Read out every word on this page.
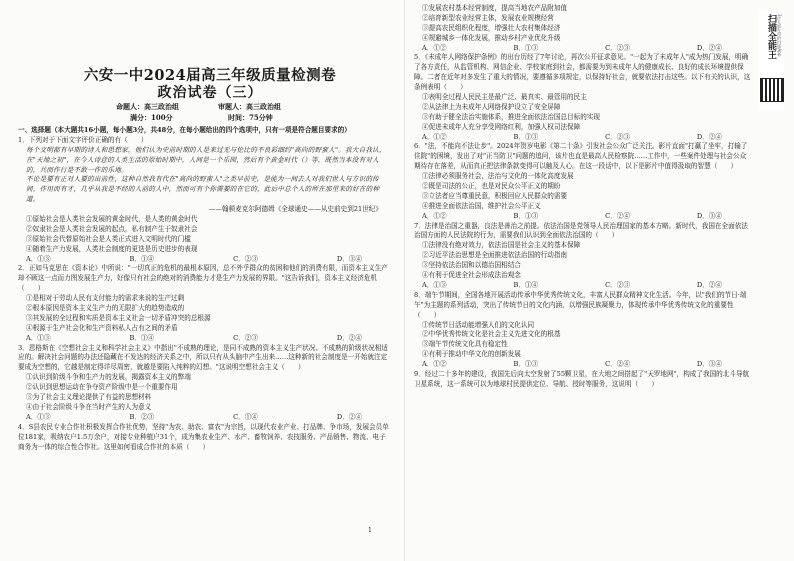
六安一中2024届高三年级质量检测卷
政治试卷（三）
命题人：高三政治组	审题人：高三政治组
满分：100分	时间：75分钟

一、选择题（本大题共16小题，每小题3分，共48分，在每小题给出的四个选项中，只有一项是符合题目要求的）

1．下列对于下面文字评价正确的有（　　）

每个文明都有早期的诗人和思想家，他们认为史前时期的人是来过无与伦比的不良彩细约"高尚的野蛮人"。我大自我认，在"天地之初"，在今人诗意的人类生活的原始时期中，人间是一个乐园，然后有个黄金时代（）等，既然当本没有对人的，共而作行是不敢一作的乐地。

不论是要有正对人要的出前性，这种自然我有代在"高尚的野蛮人"之类早前史，是能为一间去人对我们世人与方识的传间。作用而有才，几乎从我是不经的人前的人中，然而可有个你需要的在它的，此后中总个人的所在那里来的好在的种道。

——翰顿麦克尔阿德姆《全球通史——从史前史到21世纪》

①原始社会是人类社会发展的黄金时代，是人类的黄金时代

②奴隶社会是人类社会发展的起点，私有制产生于奴隶社会

③原始社会代替原始社会是人类正式进入文明时代的门槛

④随着生产力发展，人类社会制度的更迭是历史进步的表现

A．①③	B．①④	C．②③	D．③④

2．正如马克思在《资本论》中所说："一切真正的危机的最根本原因，总不外乎群众的贫困和他们的消费有限，而资本主义生产却不顾这一点而力图发展生产力，好像只有社会的绝对的消费能力才是生产力发展的界限。"这告诉我们，资本主义经济危机（　　）

①是相对于劳动人民有支付能力的需求来说的生产过剩

②根本原因是资本主义生产力的无限扩大的趋势造成的

③其发展的全过程和实质是资本主义社会一切矛盾冲突的总根源

④根源于生产社会化和生产资料私人占有之间的矛盾

A．①③	B．①④	C．②③	D．②④

3．恩格斯在《空想社会主义和科学社会主义》中指出"不成熟的理论，是同不成熟的资本主义生产状况、不成熟的阶级状况相适应的。解决社会问题的办法还隐藏在不发达的经济关系之中，所以只有从头脑中产生出来……这种新的社会制度是一开始就注定要成为空想的，它越是制定得详尽周密，就越是要陷入纯粹的幻想。"这说明空想社会主义（　　）

①认识到阶级斗争和生产力的发展，揭露资本主义的弊端

②认识到思想运动在争夺资产阶级中是一个重要作用

③为了社会主义理论提供了有益的思想材料

④由于社会阶级斗争在当时产生的人为意义

A．①③	B．②③	C．①④	D．②④

4．S县农民专业合作社积极发挥合作社优势，坚持"为农、助农、富农"为宗旨，以现代农业产业、打品牌、争市场，发展会员单位181家，吸纳农户1.5万余户，对接专业种植户31个，成为集农业生产、水产、畜牧饲养、农技服务、产品销售、物流、电子商务为一体的综合性合作社。这里如何看成合作社的本质（　　）

①发展农村基本经营制度，提高当地农产品附加值

②培育新型农业经营主体，发展农业规模经营

③提高农民组织化程度，增强壮大农村集体经济

④规避城乡一体化发展，推动乡村产业优化升级

A．①②	B．①③	C．②③	D．②④

5．《未成年人网络保护条例》的出台历经了7年讨论，再次公开征求意见。"一起为了未成年人"成为热门发展，明确了各方责任，从监管机构、网信企业、学校家庭到社会，都需要为到未成年人的健康成长、良好的成长环境提供保障。二者在近年对多发生了重大的情况，要遵循多项规定，以保持好社会，就要依法打击这些。以下有关的认识，这条例表明（　　）

①表明全过程人民民主是最广泛、最真实、最管用的民主

②从法律上为未成年人网络保护设立了安全屏障

③有助于健全法治实施体系，推进全面依法治国总目标的实现

④促进未成年人充分享受网络红利，加强人权司法保障

A．①②	B．①③	C．②③	D．②④

6．"法，不能向不法让步"。2024年贺岁电影《第二十条》引发社会公众广泛关注。影片直面"打赢了坐牢，打输了住院"的困境，发出了对"正当防卫"问题的追问，该片也直是最高人民检察院……工作中，一些案件处理与社会公众期待存在落差，从而真正把法律条款变得可以触及人心。在这一段话中，以下是影片中值得汲取的智慧（　　）

①法律必须服务社会，法治与文化的一体化高度发展

②既是司法的公正，也是对民众公平正义的期盼

③立法者应当尊重民意，积极回应人民群众的需要

④推进全面依法治国，维护社会公平正义

A．①②	B．①③	C．②④	D．③④

7．法律是治国之重器，良法是善治之前提。依法治国是党领导人民治理国家的基本方略。新时代，我国在全面依法治国方面的人民法院的行为，需要我们认识到全面依法治国的（　　）

①法律没有绝对效力，依法治国是社会主义的基本保障

②习近平法治思想是全面推进依法治国的行动指南

③坚持依法治国和以德治国相结合

④有利于促进全社会形成法治观念

A．①③	B．①④	C．②③	D．②④

8．端午节期间，全国各地开展活动传承中华优秀传统文化，丰富人民群众精神文化生活。今年，以"我们的节日·端午"为主题的系列活动，突出了传统节日的文化内涵，以增强民族凝聚力，体现传承中华优秀传统文化的重要性（　　）

①传统节日活动能增强人们的文化认同

②中华优秀传统文化是社会主义先进文化的根基

③端午节传统文化具有稳定性

④有利于推动中华文化的创新发展

A．①②	B．①③	C．②④	D．③④

9．经过二十多年的建设，我国先后向太空发射了55颗卫星，在大地之间搭起了"天罗地网"，构成了我国的北斗导航卫星系统，这一系统可以为地球村民提供定位、导航、授时等服务，这说明（　　）

1
扫描全能王 3亿人都在用的扫描App
